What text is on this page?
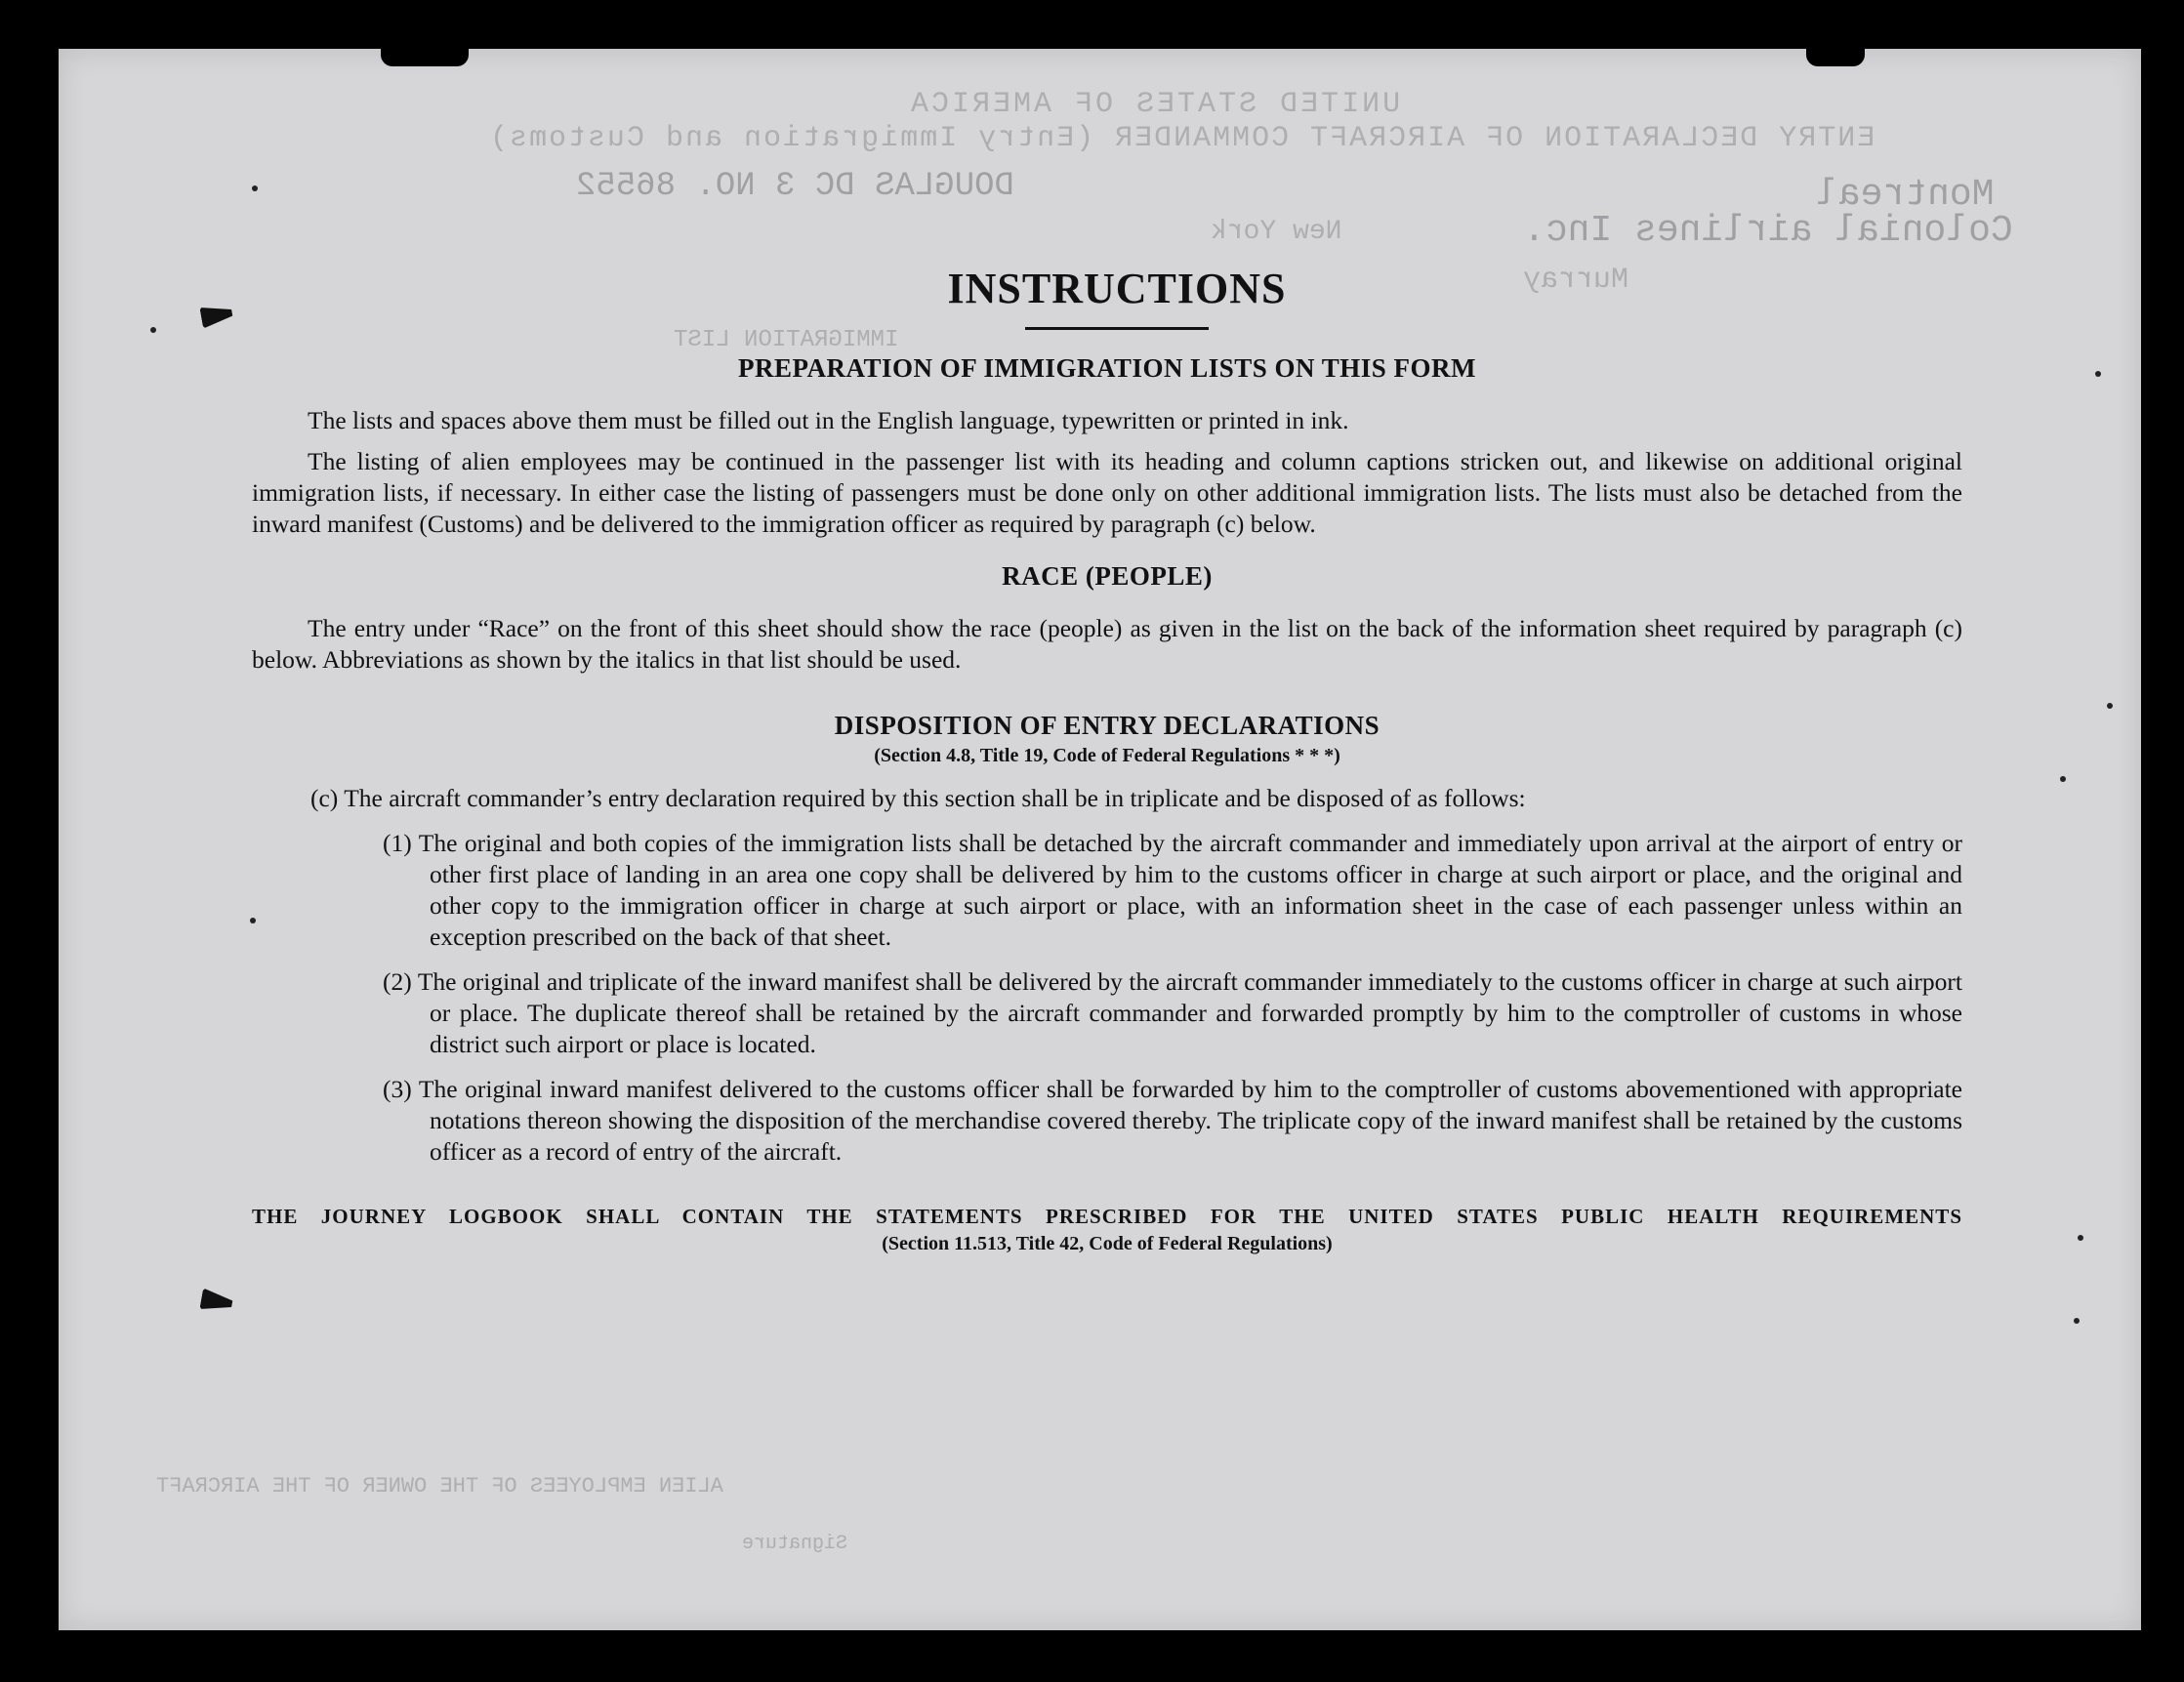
UNITED STATES OF AMERICA
ENTRY DECLARATION OF AIRCRAFT COMMANDER (Entry Immigration and Customs)
DOUGLAS DC 3 NO. 86552	Montreal
Colonial airlines Inc.
New York
Murray
IMMIGRATION LIST
ALIEN EMPLOYEES OF THE OWNER OF THE AIRCRAFT
Signature
INSTRUCTIONS
PREPARATION OF IMMIGRATION LISTS ON THIS FORM

The lists and spaces above them must be filled out in the English language, typewritten or printed in ink.

The listing of alien employees may be continued in the passenger list with its heading and column captions stricken out, and likewise on additional original immigration lists, if necessary. In either case the listing of passengers must be done only on other additional immigration lists. The lists must also be detached from the inward manifest (Customs) and be delivered to the immigration officer as required by paragraph (c) below.

RACE (PEOPLE)

The entry under “Race” on the front of this sheet should show the race (people) as given in the list on the back of the information sheet required by paragraph (c) below. Abbreviations as shown by the italics in that list should be used.

DISPOSITION OF ENTRY DECLARATIONS

(Section 4.8, Title 19, Code of Federal Regulations * * *)

(c) The aircraft commander’s entry declaration required by this section shall be in triplicate and be disposed of as follows:

(1) The original and both copies of the immigration lists shall be detached by the aircraft commander and immediately upon arrival at the airport of entry or other first place of landing in an area one copy shall be delivered by him to the customs officer in charge at such airport or place, and the original and other copy to the immigration officer in charge at such airport or place, with an information sheet in the case of each passenger unless within an exception prescribed on the back of that sheet.

(2) The original and triplicate of the inward manifest shall be delivered by the aircraft commander immediately to the customs officer in charge at such airport or place. The duplicate thereof shall be retained by the aircraft commander and forwarded promptly by him to the comptroller of customs in whose district such airport or place is located.

(3) The original inward manifest delivered to the customs officer shall be forwarded by him to the comptroller of customs abovementioned with appropriate notations thereon showing the disposition of the merchandise covered thereby. The triplicate copy of the inward manifest shall be retained by the customs officer as a record of entry of the aircraft.

THE JOURNEY LOGBOOK SHALL CONTAIN THE STATEMENTS PRESCRIBED FOR THE UNITED STATES PUBLIC HEALTH REQUIREMENTS

(Section 11.513, Title 42, Code of Federal Regulations)
